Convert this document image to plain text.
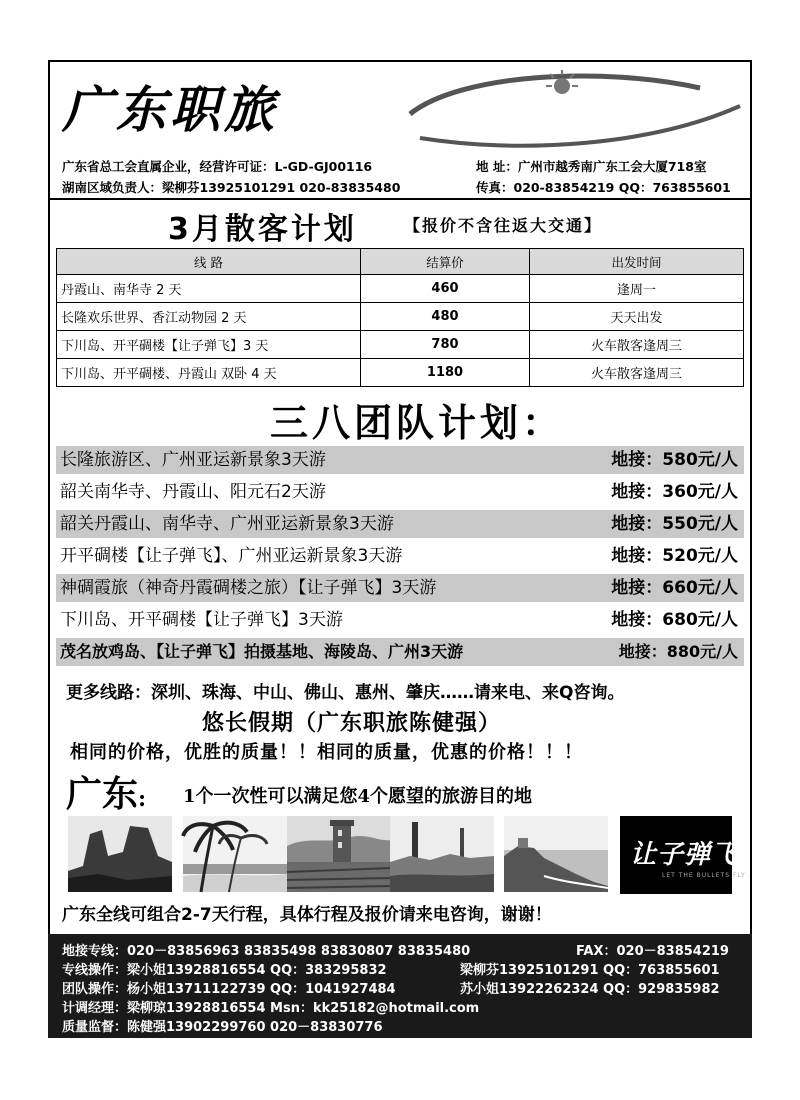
广东职旅
广东省总工会直属企业，经营许可证：L-GD-GJ00116	地 址：广州市越秀南广东工会大厦718室
湖南区域负责人：梁柳芬13925101291 020-83835480	传真：020-83854219 QQ：763855601
3月散客计划	【报价不含往返大交通】
线 路	结算价	出发时间
丹霞山、南华寺 2 天	460	逢周一
长隆欢乐世界、香江动物园 2 天	480	天天出发
下川岛、开平碉楼【让子弹飞】3 天	780	火车散客逢周三
下川岛、开平碉楼、丹霞山 双卧 4 天	1180	火车散客逢周三
三八团队计划：
长隆旅游区、广州亚运新景象3天游	地接：580元/人
韶关南华寺、丹霞山、阳元石2天游	地接：360元/人
韶关丹霞山、南华寺、广州亚运新景象3天游	地接：550元/人
开平碉楼【让子弹飞】、广州亚运新景象3天游	地接：520元/人
神碉霞旅（神奇丹霞碉楼之旅）【让子弹飞】3天游	地接：660元/人
下川岛、开平碉楼【让子弹飞】3天游	地接：680元/人
茂名放鸡岛、【让子弹飞】拍摄基地、海陵岛、广州3天游	地接：880元/人
更多线路：深圳、珠海、中山、佛山、惠州、肇庆……请来电、来Q咨询。
悠长假期（广东职旅陈健强）
相同的价格，优胜的质量！！相同的质量，优惠的价格！！！
广东: 1个一次性可以满足您4个愿望的旅游目的地
让子弹飞
LET THE BULLETS FLY
广东全线可组合2-7天行程，具体行程及报价请来电咨询，谢谢！
地接专线：020－83856963 83835498 83830807 83835480	FAX：020－83854219
专线操作：梁小姐13928816554 QQ：383295832	梁柳芬13925101291 QQ：763855601
团队操作：杨小姐13711122739 QQ：1041927484	苏小姐13922262324 QQ：929835982
计调经理：梁柳琼13928816554 Msn：kk25182@hotmail.com
质量监督：陈健强13902299760 020－83830776
